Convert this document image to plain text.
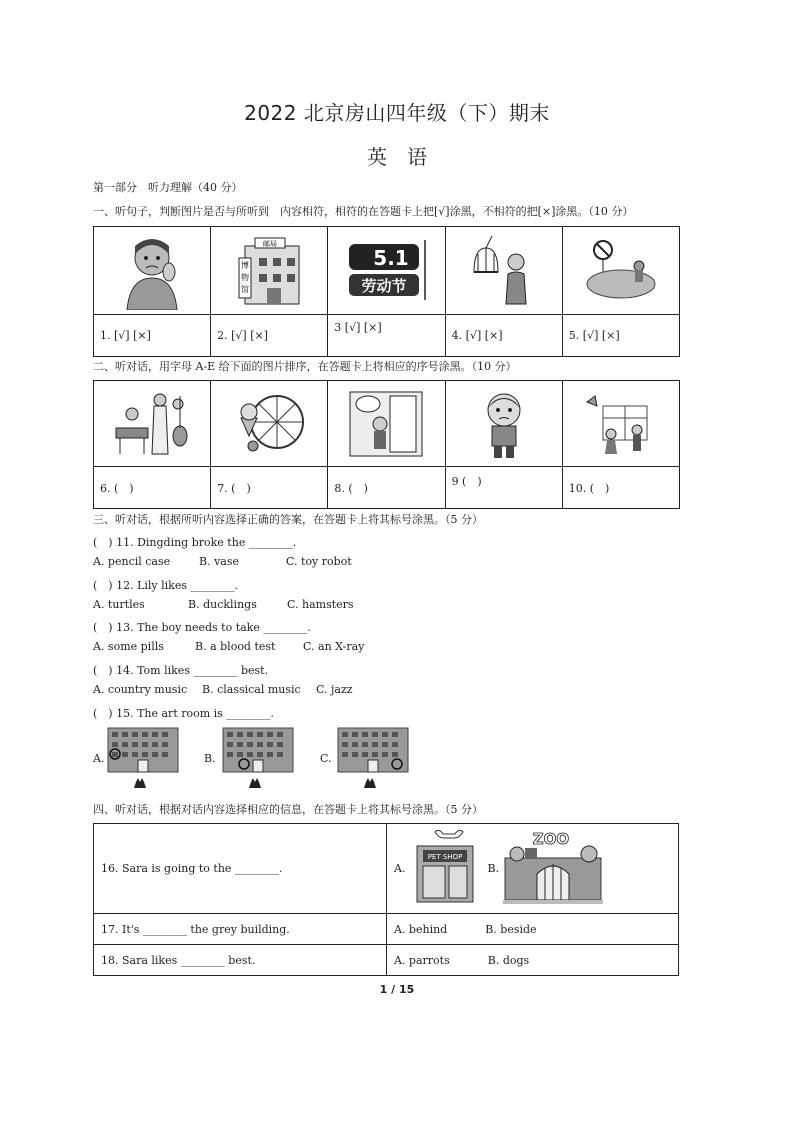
2022 北京房山四年级（下）期末
英　语
第一部分　听力理解（40 分）
一、听句子，判断图片是否与所听到　内容相符，相符的在答题卡上把[√]涂黑，不相符的把[×]涂黑。（10 分）

邮局
博
物
馆	5.1
劳动节

1. [√] [×]	2. [√] [×]	3 [√] [×]	4. [√] [×]	5. [√] [×]
二、听对话，用字母 A-E 给下面的图片排序，在答题卡上将相应的序号涂黑。（10 分）

6. (　)	7. (　)	8. (　)	9 (　)	10. (　)
三、听对话，根据所听内容选择正确的答案，在答题卡上将其标号涂黑。（5 分）
(　) 11. Dingding broke the ________.
A. pencil case	B. vase	C. toy robot
(　) 12. Lily likes ________.
A. turtles	B. ducklings	C. hamsters
(　) 13. The boy needs to take ________.
A. some pills	B. a blood test	C. an X-ray
(　) 14. Tom likes ________ best.
A. country music B. classical music C. jazz
(　) 15. The art room is ________.
A.	B.	C.
四、听对话，根据对话内容选择相应的信息，在答题卡上将其标号涂黑。（5 分）
16. Sara is going to the ________.	A.
PET SHOP
B.
ZOO

17. It's ________ the grey building.	A. behind B. beside
18. Sara likes ________ best.	A. parrots B. dogs
1 / 15
